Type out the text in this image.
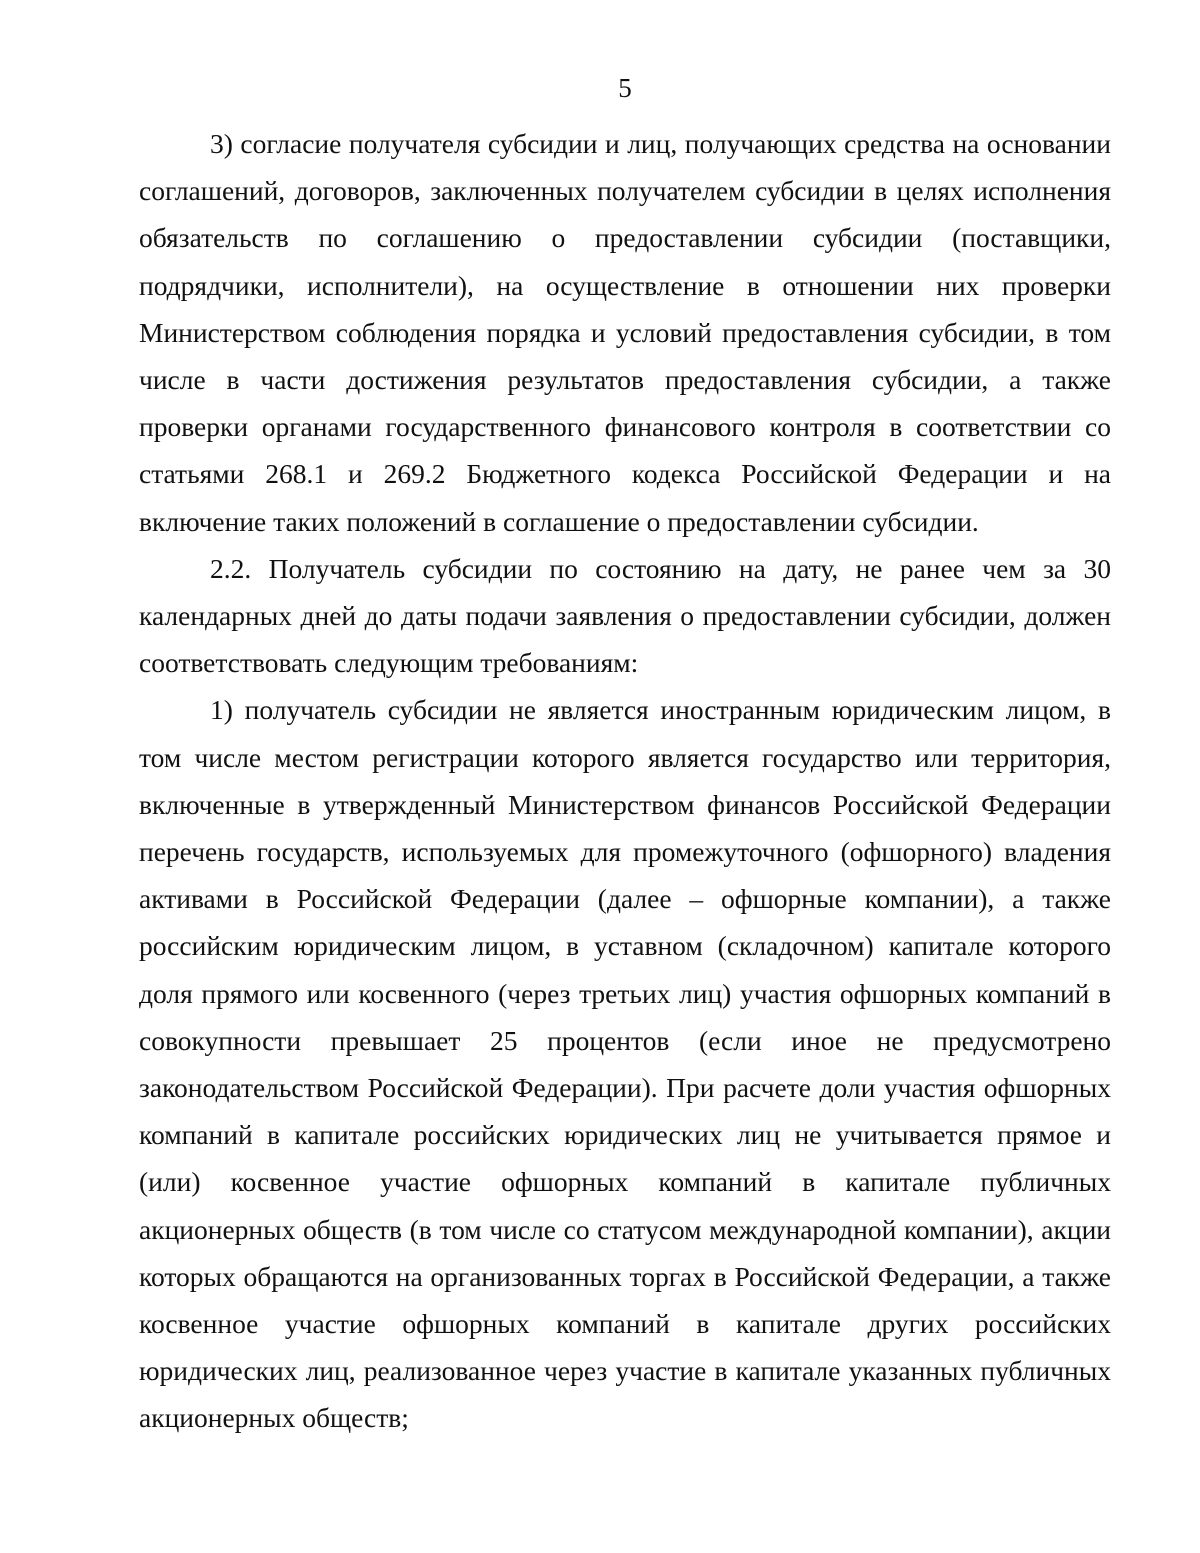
5

3) согласие получателя субсидии и лиц, получающих средства на основании соглашений, договоров, заключенных получателем субсидии в целях исполнения обязательств по соглашению о предоставлении субсидии (поставщики, подрядчики, исполнители), на осуществление в отношении них проверки Министерством соблюдения порядка и условий предоставления субсидии, в том числе в части достижения результатов предоставления субсидии, а также проверки органами государственного финансового контроля в соответствии со статьями 268.1 и 269.2 Бюджетного кодекса Российской Федерации и на включение таких положений в соглашение о предоставлении субсидии.

2.2. Получатель субсидии по состоянию на дату, не ранее чем за 30 календарных дней до даты подачи заявления о предоставлении субсидии, должен соответствовать следующим требованиям:

1) получатель субсидии не является иностранным юридическим лицом, в том числе местом регистрации которого является государство или территория, включенные в утвержденный Министерством финансов Российской Федерации перечень государств, используемых для промежуточного (офшорного) владения активами в Российской Федерации (далее – офшорные компании), а также российским юридическим лицом, в уставном (складочном) капитале которого доля прямого или косвенного (через третьих лиц) участия офшорных компаний в совокупности превышает 25 процентов (если иное не предусмотрено законодательством Российской Федерации). При расчете доли участия офшорных компаний в капитале российских юридических лиц не учитывается прямое и (или) косвенное участие офшорных компаний в капитале публичных акционерных обществ (в том числе со статусом международной компании), акции которых обращаются на организованных торгах в Российской Федерации, а также косвенное участие офшорных компаний в капитале других российских юридических лиц, реализованное через участие в капитале указанных публичных акционерных обществ;
